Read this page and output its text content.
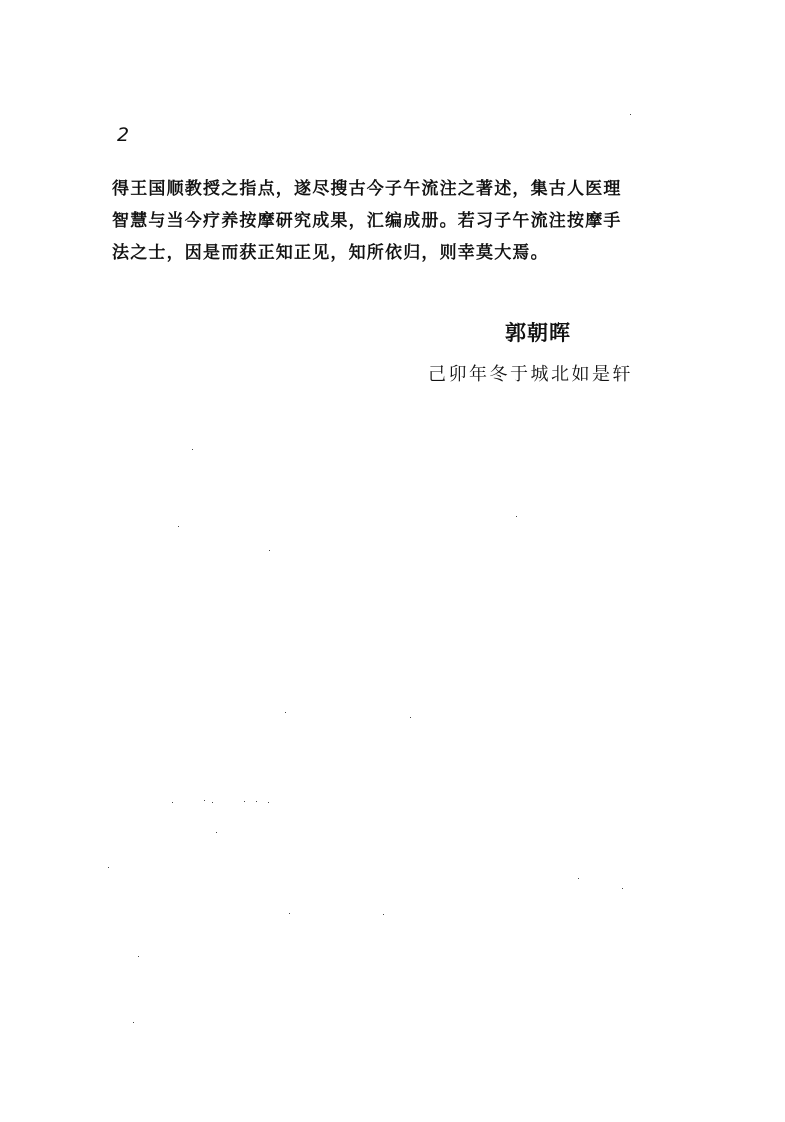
2

得王国顺教授之指点，遂尽搜古今子午流注之著述，集古人医理

智慧与当今疗养按摩研究成果，汇编成册。若习子午流注按摩手

法之士，因是而获正知正见，知所依归，则幸莫大焉。

郭朝晖
己卯年冬于城北如是轩
